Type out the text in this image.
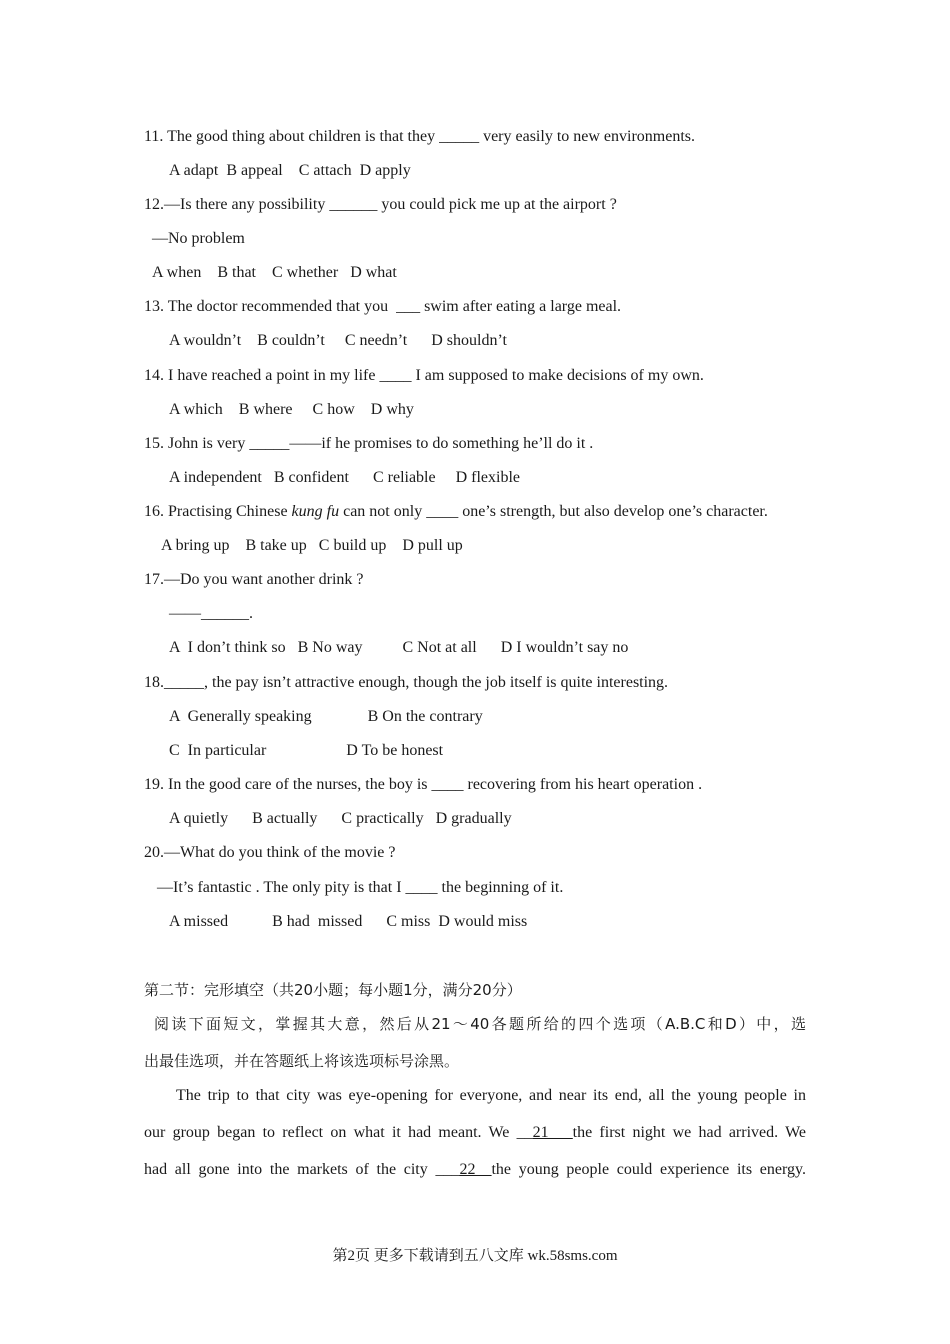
11. The good thing about children is that they _____ very easily to new environments.
A adapt  B appeal    C attach  D apply
12.—Is there any possibility ______ you could pick me up at the airport ?
—No problem
A when    B that    C whether   D what
13. The doctor recommended that you  ___ swim after eating a large meal.
A wouldn’t    B couldn’t     C needn’t      D shouldn’t
14. I have reached a point in my life ____ I am supposed to make decisions of my own.
A which    B where     C how    D why
15. John is very _____——if he promises to do something he’ll do it .
A independent   B confident      C reliable     D flexible
16. Practising Chinese kung fu can not only ____ one’s strength, but also develop one’s character.
A bring up    B take up   C build up    D pull up
17.—Do you want another drink ?
——______.
A  I don’t think so   B No way          C Not at all      D I wouldn’t say no
18._____, the pay isn’t attractive enough, though the job itself is quite interesting.
A  Generally speaking              B On the contrary
C  In particular                    D To be honest
19. In the good care of the nurses, the boy is ____ recovering from his heart operation .
A quietly      B actually      C practically   D gradually
20.—What do you think of the movie ?
—It’s fantastic . The only pity is that I ____ the beginning of it.
A missed           B had  missed      C miss  D would miss
第二节：完形填空（共20小题；每小题1分，满分20分）
阅读下面短文，掌握其大意，然后从21～40各题所给的四个选项（A.B.C和D）中，选
出最佳选项，并在答题纸上将该选项标号涂黑。
The trip to that city was eye-opening for everyone, and near its end, all the young people in
our group began to reflect on what it had meant. We __21___the first night we had arrived. We
had all gone into the markets of the city ___22__the young people could experience its energy.
第2页 更多下载请到五八文库 wk.58sms.com
